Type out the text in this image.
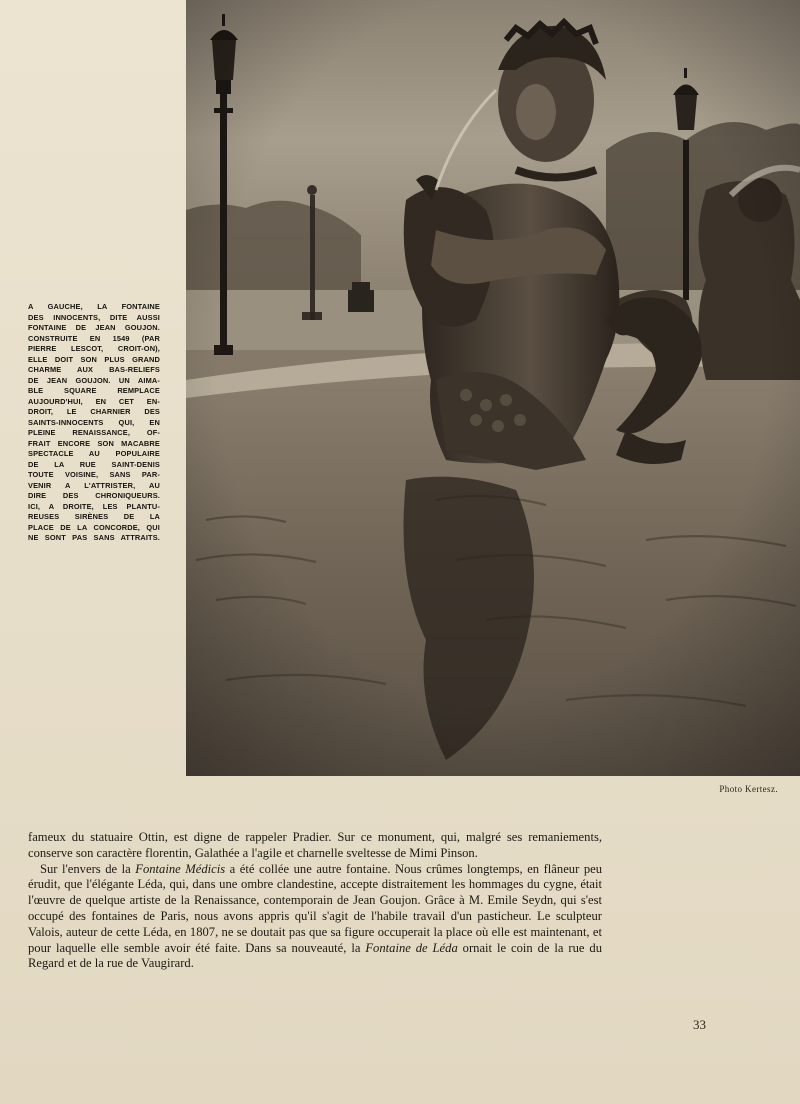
A GAUCHE, LA FONTAINE
DES INNOCENTS, DITE AUSSI
FONTAINE DE JEAN GOUJON.
CONSTRUITE EN 1549 (PAR
PIERRE LESCOT, CROIT-ON),
ELLE DOIT SON PLUS GRAND
CHARME AUX BAS-RELIEFS
DE JEAN GOUJON. UN AIMA-
BLE SQUARE REMPLACE
AUJOURD'HUI, EN CET EN-
DROIT, LE CHARNIER DES
SAINTS-INNOCENTS QUI, EN
PLEINE RENAISSANCE, OF-
FRAIT ENCORE SON MACABRE
SPECTACLE AU POPULAIRE
DE LA RUE SAINT-DENIS
TOUTE VOISINE, SANS PAR-
VENIR A L'ATTRISTER, AU
DIRE DES CHRONIQUEURS.
ICI, A DROITE, LES PLANTU-
REUSES SIRÈNES DE LA
PLACE DE LA CONCORDE, QUI
NE SONT PAS SANS ATTRAITS.
Photo Kertesz.

fameux du statuaire Ottin, est digne de rappeler Pradier. Sur ce monument, qui, malgré ses remaniements, conserve son caractère florentin, Galathée a l'agile et charnelle sveltesse de Mimi Pinson.

Sur l'envers de la Fontaine Médicis a été collée une autre fontaine. Nous crûmes longtemps, en flâneur peu érudit, que l'élégante Léda, qui, dans une ombre clandestine, accepte distraitement les hommages du cygne, était l'œuvre de quelque artiste de la Renaissance, contemporain de Jean Goujon. Grâce à M. Emile Seydn, qui s'est occupé des fontaines de Paris, nous avons appris qu'il s'agit de l'habile travail d'un pasticheur. Le sculpteur Valois, auteur de cette Léda, en 1807, ne se doutait pas que sa figure occuperait la place où elle est maintenant, et pour laquelle elle semble avoir été faite. Dans sa nouveauté, la Fontaine de Léda ornait le coin de la rue du Regard et de la rue de Vaugirard.

33
